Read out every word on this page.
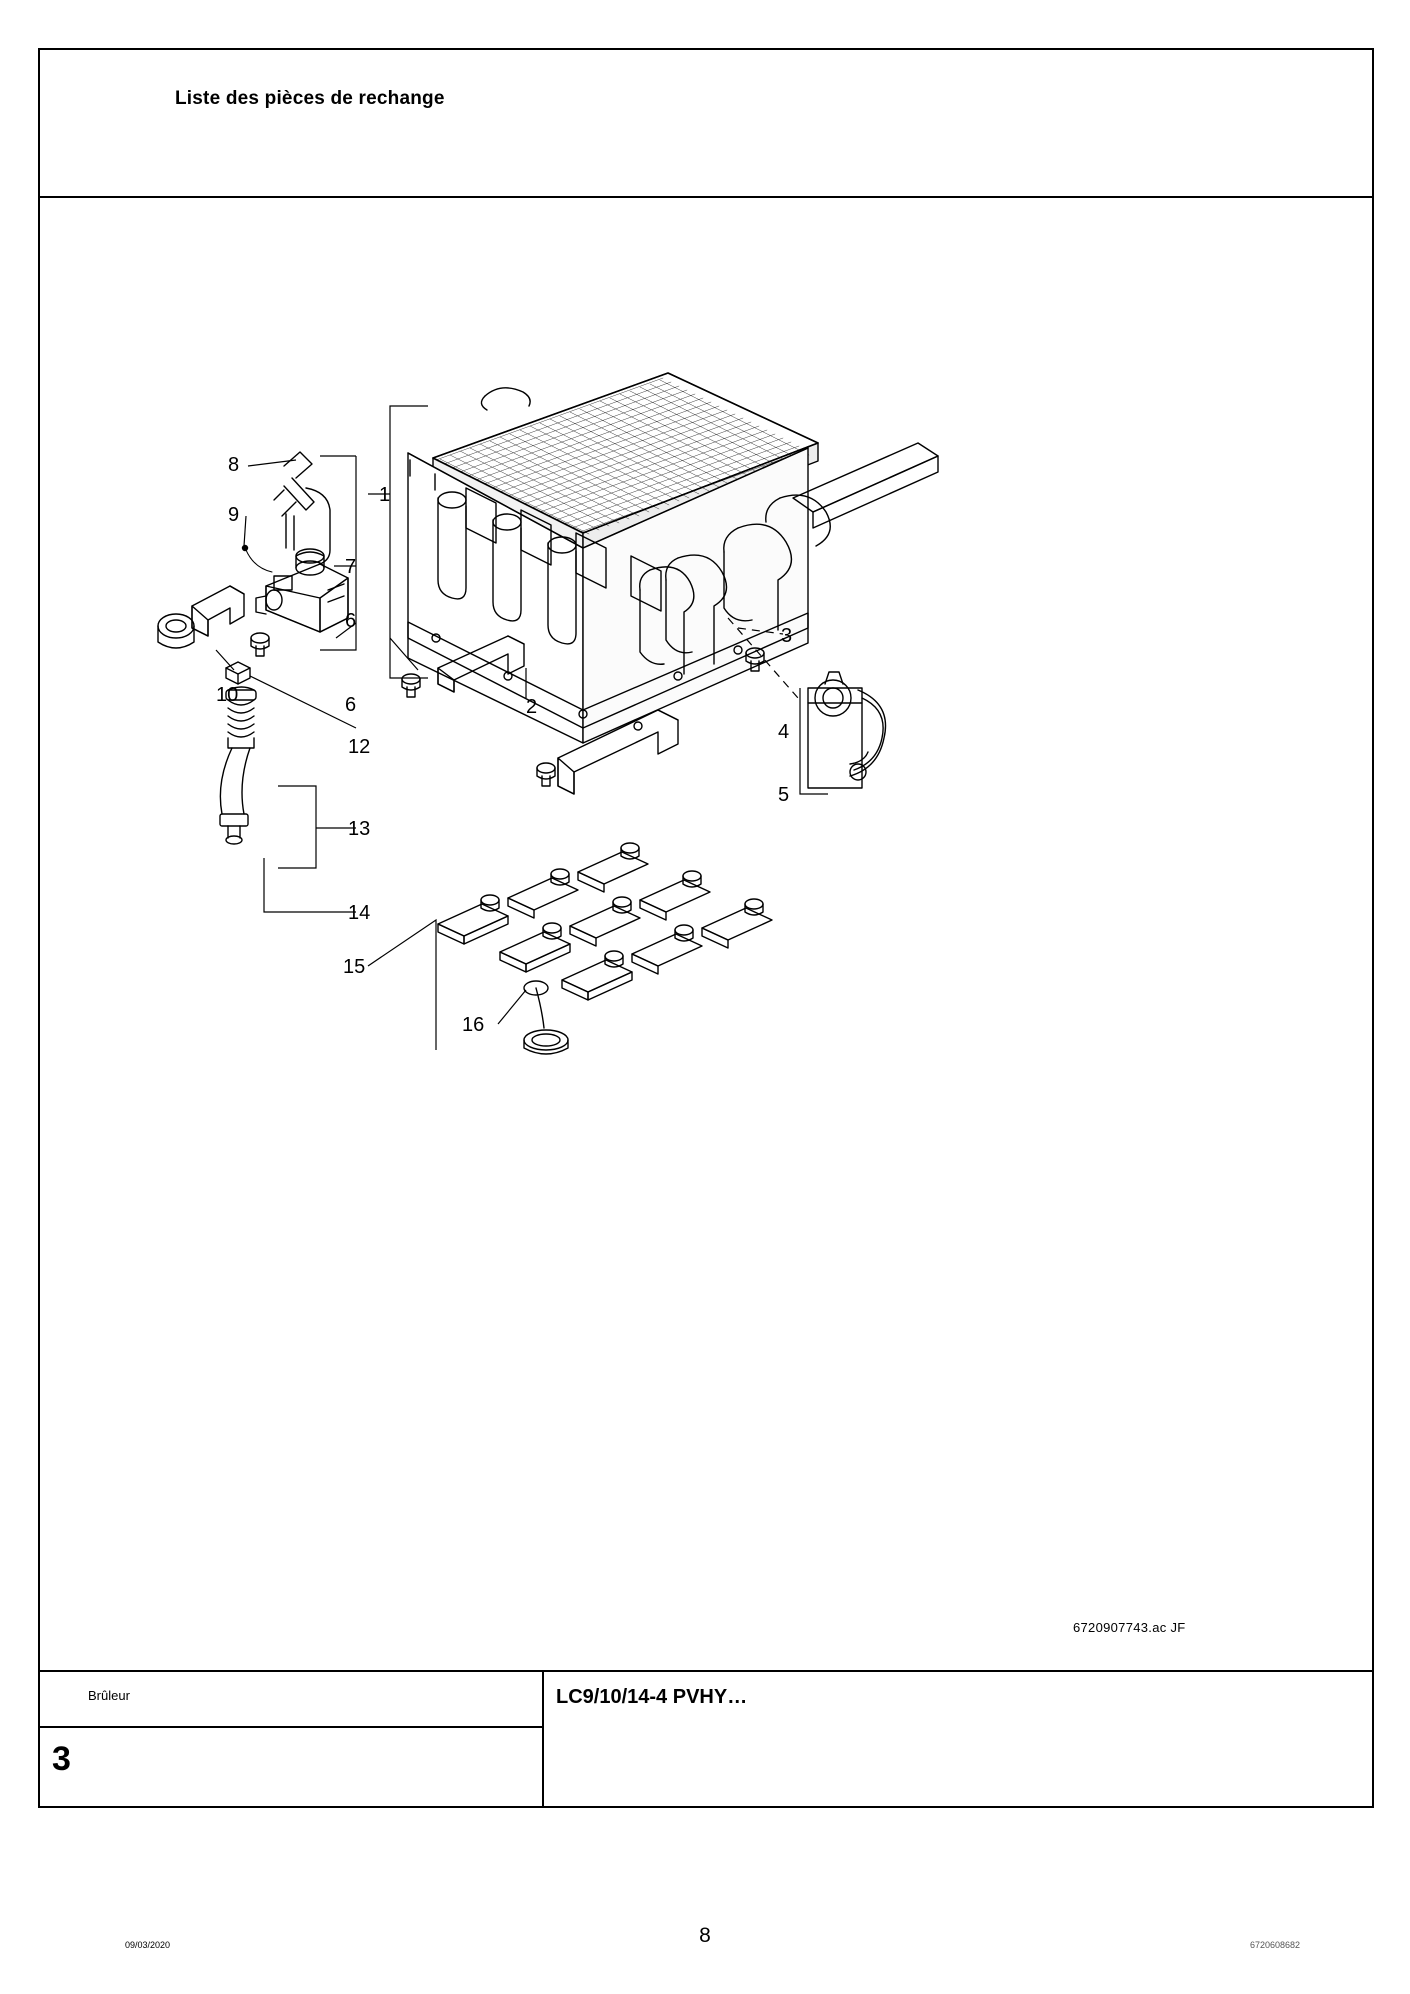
Liste des pièces de rechange
1
2
3
4
5
6
6
7
8
9
10
12
13
14
15
16
6720907743.ac JF
Brûleur
3
LC9/10/14-4 PVHY…
09/03/2020	8	6720608682
